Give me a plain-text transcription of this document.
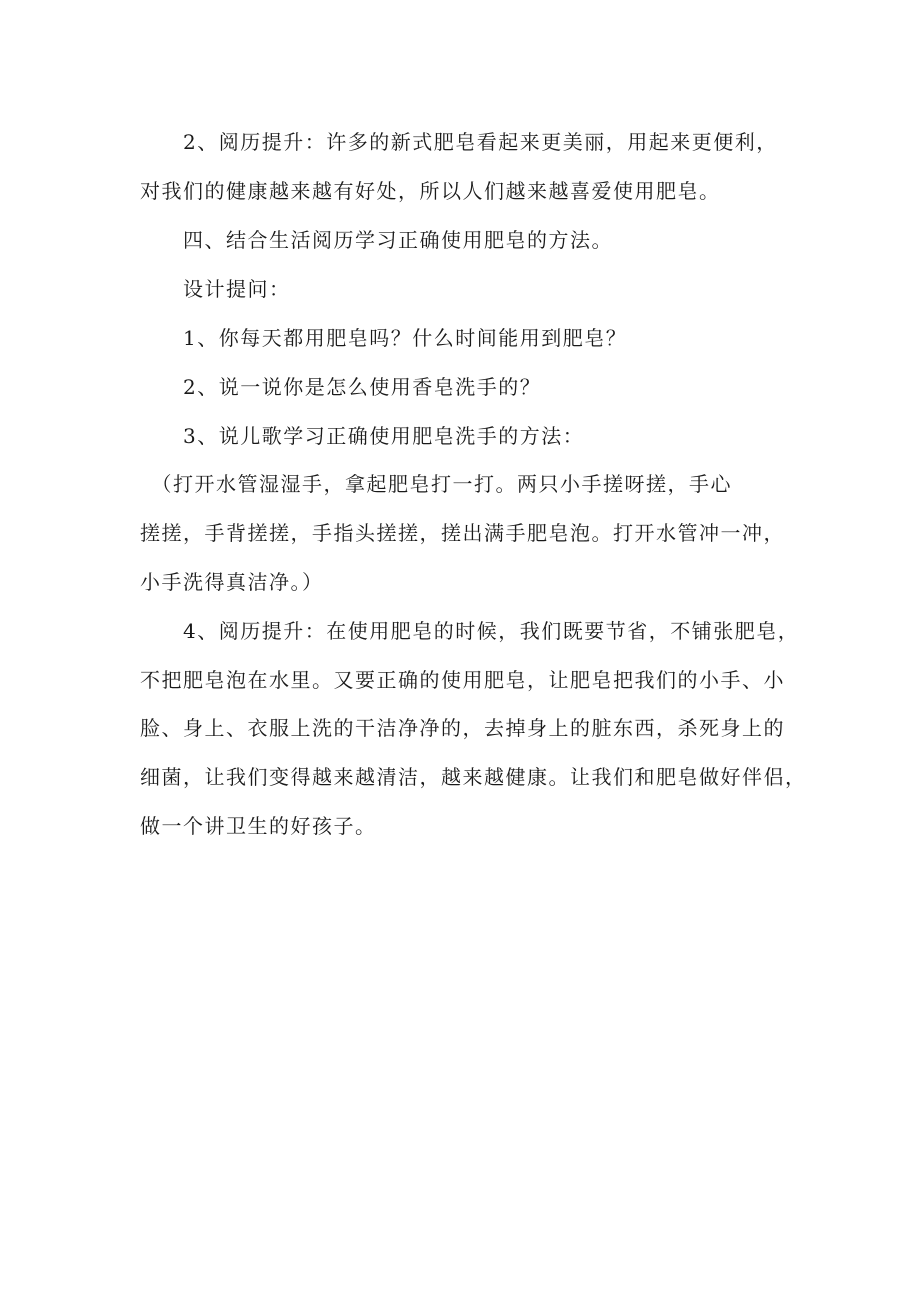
　　2、阅历提升：许多的新式肥皂看起来更美丽，用起来更便利，
对我们的健康越来越有好处，所以人们越来越喜爱使用肥皂。
　　四、结合生活阅历学习正确使用肥皂的方法。
　　设计提问：
　　1、你每天都用肥皂吗？什么时间能用到肥皂？
　　2、说一说你是怎么使用香皂洗手的？
　　3、说儿歌学习正确使用肥皂洗手的方法：
　（打开水管湿湿手，拿起肥皂打一打。两只小手搓呀搓，手心
搓搓，手背搓搓，手指头搓搓，搓出满手肥皂泡。打开水管冲一冲，
小手洗得真洁净。）
　　4、阅历提升：在使用肥皂的时候，我们既要节省，不铺张肥皂，
不把肥皂泡在水里。又要正确的使用肥皂，让肥皂把我们的小手、小
脸、身上、衣服上洗的干洁净净的，去掉身上的脏东西，杀死身上的
细菌，让我们变得越来越清洁，越来越健康。让我们和肥皂做好伴侣，
做一个讲卫生的好孩子。
